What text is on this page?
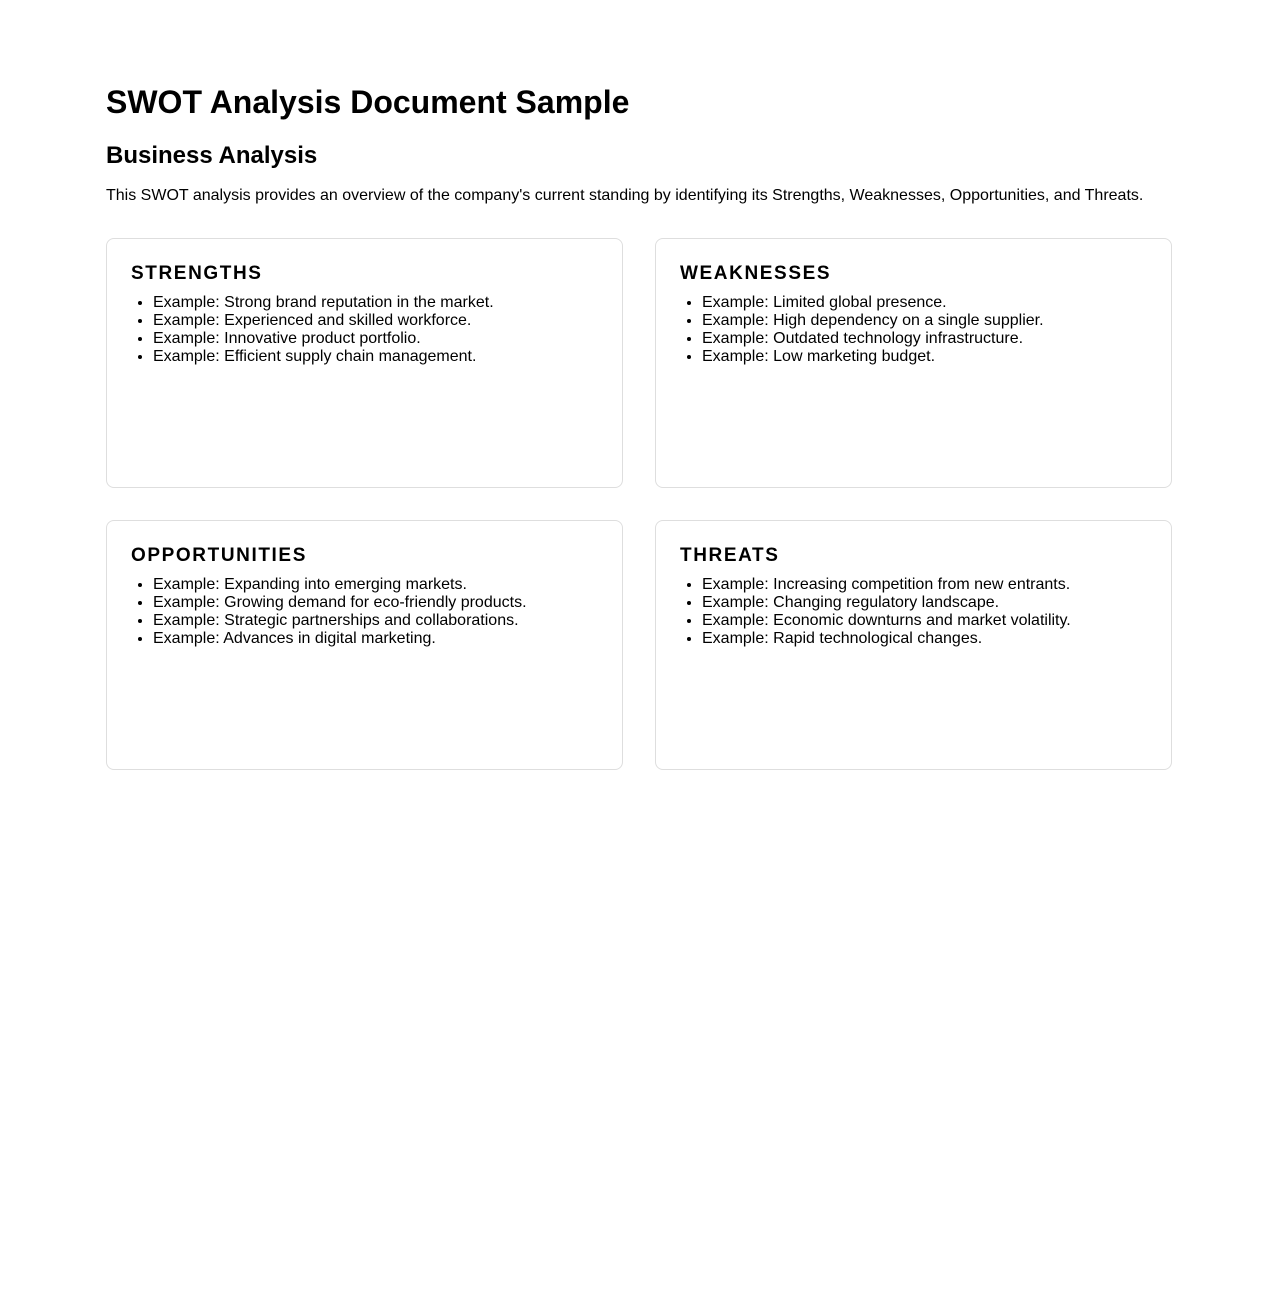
SWOT Analysis Document Sample
Business Analysis

This SWOT analysis provides an overview of the company's current standing by identifying its Strengths, Weaknesses, Opportunities, and Threats.

STRENGTHS
• Example: Strong brand reputation in the market.
• Example: Experienced and skilled workforce.
• Example: Innovative product portfolio.
• Example: Efficient supply chain management.
WEAKNESSES
• Example: Limited global presence.
• Example: High dependency on a single supplier.
• Example: Outdated technology infrastructure.
• Example: Low marketing budget.
OPPORTUNITIES
• Example: Expanding into emerging markets.
• Example: Growing demand for eco-friendly products.
• Example: Strategic partnerships and collaborations.
• Example: Advances in digital marketing.
THREATS
• Example: Increasing competition from new entrants.
• Example: Changing regulatory landscape.
• Example: Economic downturns and market volatility.
• Example: Rapid technological changes.
